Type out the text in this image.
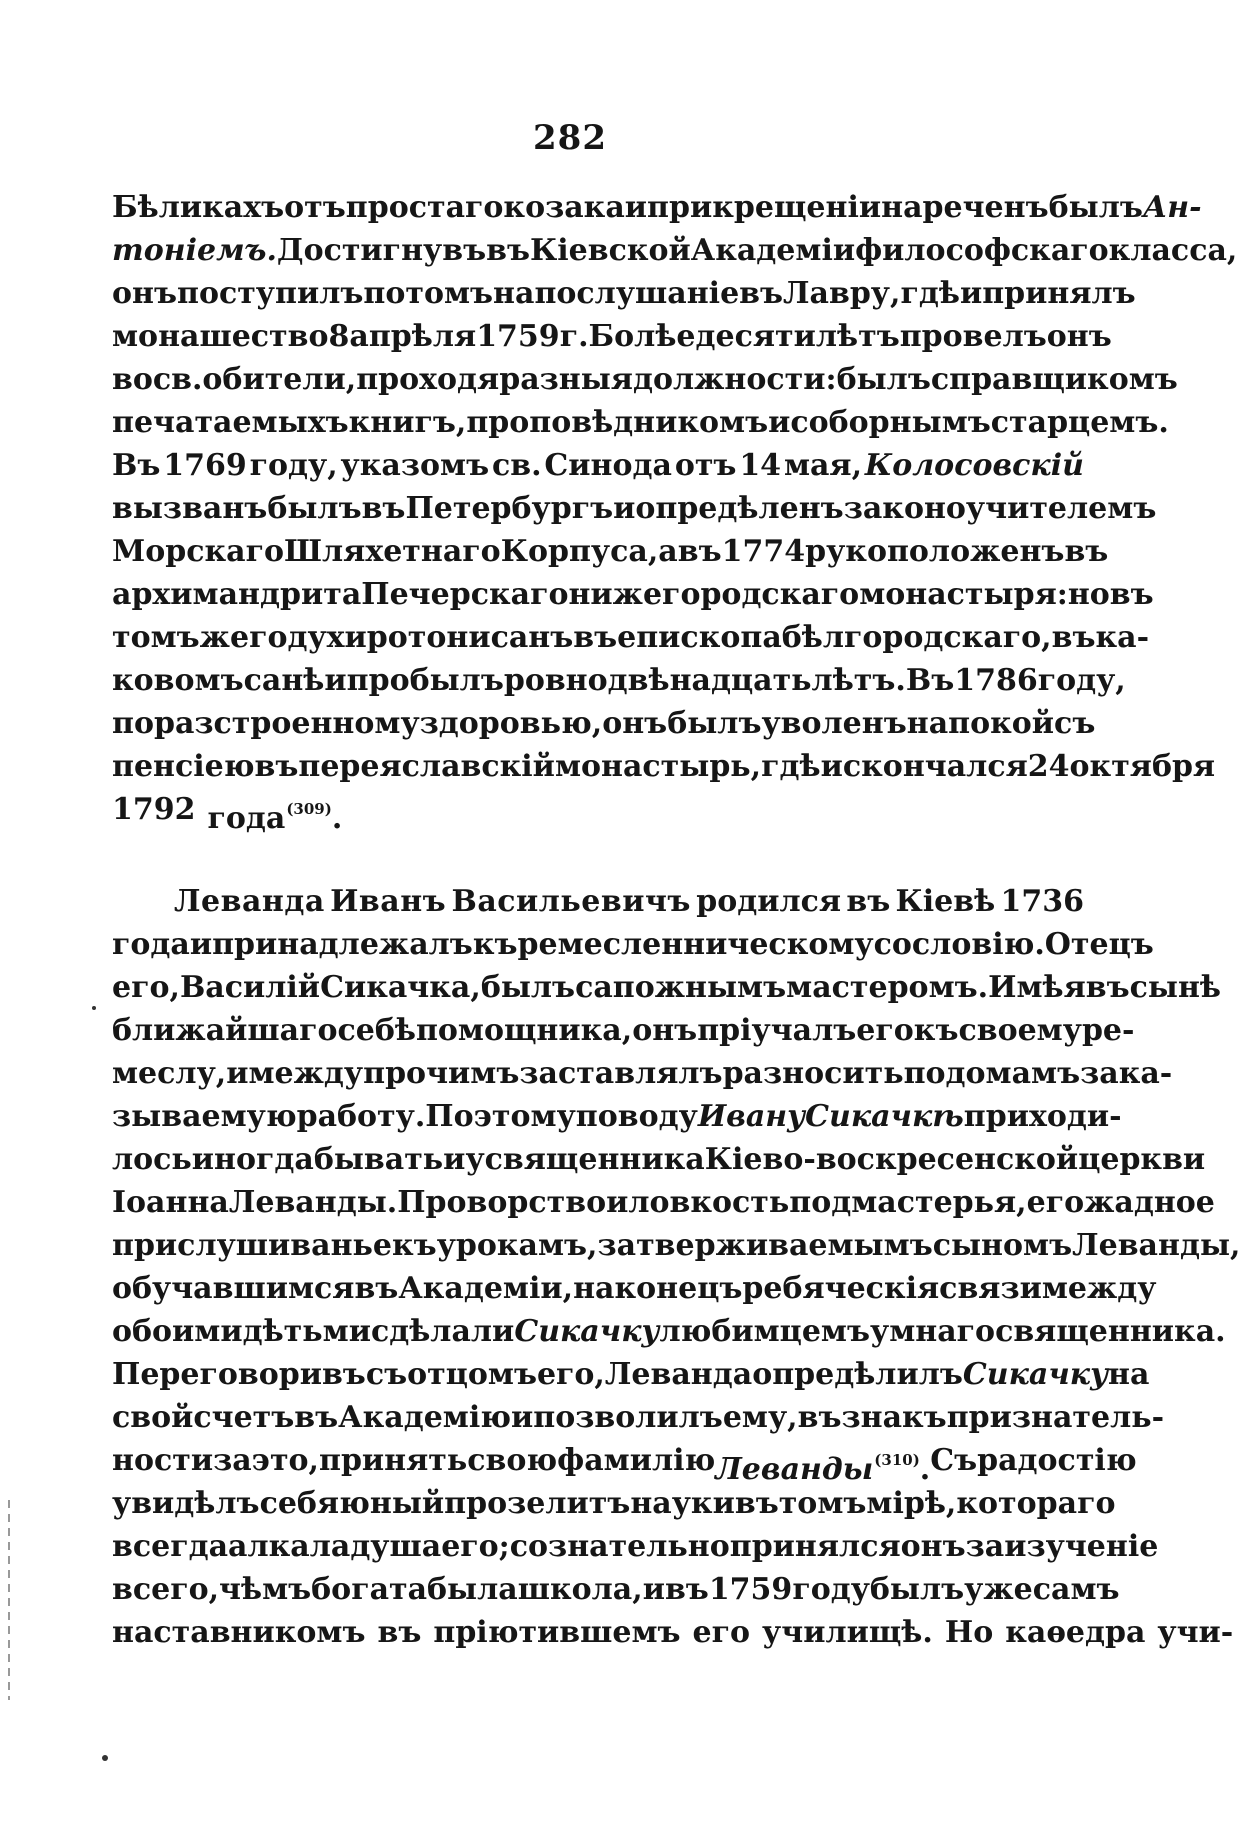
282
Бѣликахъ отъ простаго козака и при крещеніи нареченъ былъ Ан-
тоніемъ. Достигнувъ въ Кіевской Академіи философскаго класса,
онъ поступилъ потомъ на послушаніе въ Лавру, гдѣ и принялъ
монашество 8 апрѣля 1759 г. Болѣе десяти лѣтъ провелъ онъ
во св. обители, проходя разныя должности: былъ справщикомъ
печатаемыхъ книгъ, проповѣдникомъ и соборнымъ старцемъ.
Въ 1769 году, указомъ св. Синода отъ 14 мая, Колосовскій
вызванъ былъ въ Петербургъ и опредѣленъ законоучителемъ
Морскаго Шляхетнаго Корпуса, а въ 1774 рукоположенъ въ
архимандрита Печерскаго нижегородскаго монастыря: но въ
томъ же году хиротонисанъ въ епископа бѣлгородскаго, въ ка-
ковомъ санѣ и пробылъ ровно двѣнадцать лѣтъ. Въ 1786 году,
по разстроенному здоровью, онъ былъ уволенъ на покой съ
пенсіею въ переяславскій монастырь, гдѣ и скончался 24 октября
1792 года$^{(309)}$.
Леванда Иванъ Васильевичъ родился въ Кіевѣ 1736
года и принадлежалъ къ ремесленническому сословію. Отецъ
его, Василій Сикачка, былъ сапожнымъ мастеромъ. Имѣя въ сынѣ
ближайшаго себѣ помощника, онъ пріучалъ его къ своему ре-
меслу, и между прочимъ заставлялъ разносить по домамъ зака-
зываемую работу. По этому поводу Ивану Сикачкѣ приходи-
лось иногда бывать и у священника Кіево-воскресенской церкви
Іоанна Леванды. Проворство и ловкость подмастерья, его жадное
прислушиванье къ урокамъ, затверживаемымъ сыномъ Леванды,
обучавшимся въ Академіи, наконецъ ребяческія связи между
обоими дѣтьми сдѣлали Сикачку любимцемъ умнаго священника.
Переговоривъ съ отцомъ его, Леванда опредѣлилъ Сикачку на
свой счетъ въ Академію и позволилъ ему, въ знакъ признатель-
ности за это, принять свою фамилію Леванды$^{(310)}$. Съ радостію
увидѣлъ себя юный прозелитъ науки въ томъ мірѣ, котораго
всегда алкала душа его; сознательно принялся онъ за изученіе
всего, чѣмъ богата была школа, и въ 1759 году былъ уже самъ
наставникомъ въ пріютившемъ его училищѣ. Но каѳедра учи-
